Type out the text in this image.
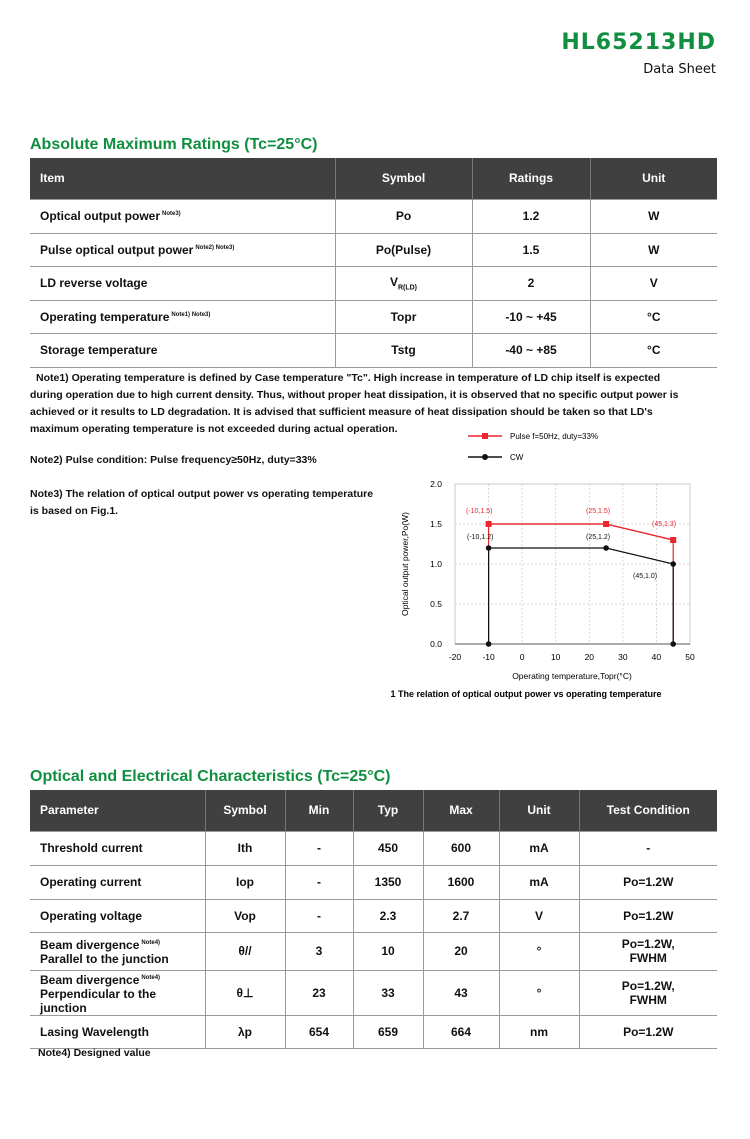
HL65213HD
Data Sheet
Absolute Maximum Ratings (Tc=25°C)
Item	Symbol	Ratings	Unit
Optical output power $^{Note3)}$	Po	1.2	W
Pulse optical output power $^{Note2) Note3)}$	Po(Pulse)	1.5	W
LD reverse voltage	$V_{R(LD)}$	2	V
Operating temperature $^{Note1) Note3)}$	Topr	-10 ~ +45	°C
Storage temperature	Tstg	-40 ~ +85	°C
Note1) Operating temperature is defined by Case temperature "Tc". High increase in temperature of LD chip itself is expected during operation due to high current density. Thus, without proper heat dissipation, it is observed that no specific output power is achieved or it results to LD degradation. It is advised that sufficient measure of heat dissipation should be taken so that LD's maximum operating temperature is not exceeded during actual operation.
Note2) Pulse condition: Pulse frequency≥50Hz, duty=33%
Note3) The relation of optical output power vs operating temperature is based on Fig.1.
Pulse f=50Hz, duty=33%
CW
0.0
0.5
1.0
1.5
2.0
-20	-10	0	10	20	30	40	50
Operating temperature,Topr(°C)
Optical output power,Po(W)
(-10,1.5)	(25,1.5)
(45,1.3)
(-10,1.2)	(25,1.2)
(45,1.0)
Fig.1 The relation of optical output power vs operating temperature
Optical and Electrical Characteristics (Tc=25°C)
Parameter	Symbol	Min	Typ	Max	Unit	Test Condition
Threshold current	Ith	-	450	600	mA	-
Operating current	Iop	-	1350	1600	mA	Po=1.2W
Operating voltage	Vop	-	2.3	2.7	V	Po=1.2W
Beam divergence $^{Note4)}$
Parallel to the junction	θ//	3	10	20	°	Po=1.2W,
FWHM
Beam divergence $^{Note4)}$
Perpendicular to the junction	θ⊥	23	33	43	°	Po=1.2W,
FWHM
Lasing Wavelength	λp	654	659	664	nm	Po=1.2W
Note4) Designed value
